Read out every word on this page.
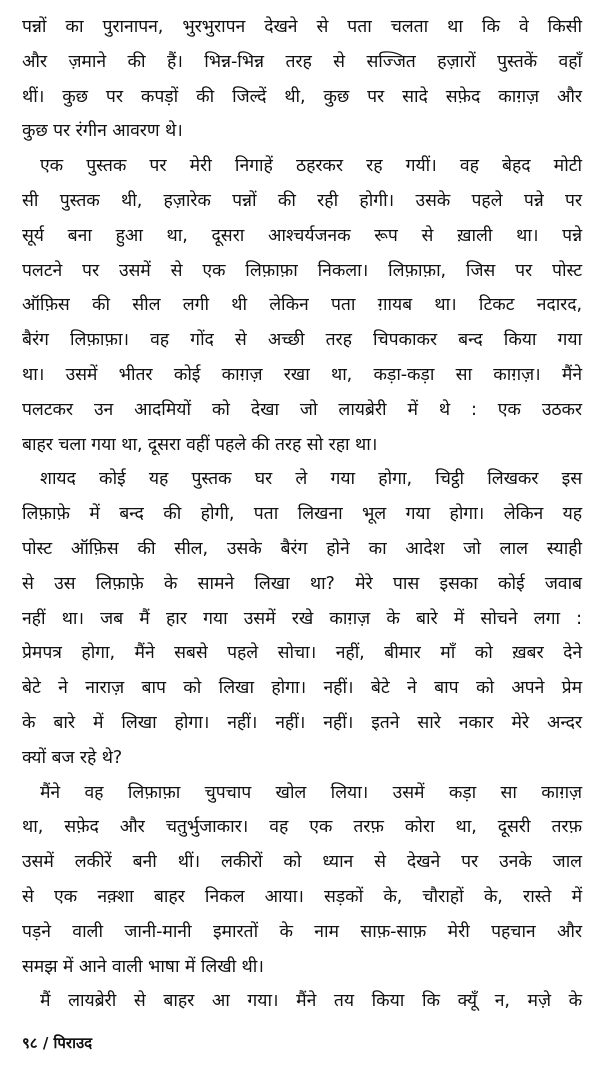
पन्नों का पुरानापन, भुरभुरापन देखने से पता चलता था कि वे किसी

और ज़माने की हैं। भिन्न-भिन्न तरह से सज्जित हज़ारों पुस्तकें वहाँ

थीं। कुछ पर कपड़ों की जिल्दें थी, कुछ पर सादे सफ़ेद काग़ज़ और

कुछ पर रंगीन आवरण थे।

एक पुस्तक पर मेरी निगाहें ठहरकर रह गयीं। वह बेहद मोटी

सी पुस्तक थी, हज़ारेक पन्नों की रही होगी। उसके पहले पन्ने पर

सूर्य बना हुआ था, दूसरा आश्चर्यजनक रूप से ख़ाली था। पन्ने

पलटने पर उसमें से एक लिफ़ाफ़ा निकला। लिफ़ाफ़ा, जिस पर पोस्ट

ऑफ़िस की सील लगी थी लेकिन पता ग़ायब था। टिकट नदारद,

बैरंग लिफ़ाफ़ा। वह गोंद से अच्छी तरह चिपकाकर बन्द किया गया

था। उसमें भीतर कोई काग़ज़ रखा था, कड़ा-कड़ा सा काग़ज़। मैंने

पलटकर उन आदमियों को देखा जो लायब्रेरी में थे : एक उठकर

बाहर चला गया था, दूसरा वहीं पहले की तरह सो रहा था।

शायद कोई यह पुस्तक घर ले गया होगा, चिट्ठी लिखकर इस

लिफ़ाफ़े में बन्द की होगी, पता लिखना भूल गया होगा। लेकिन यह

पोस्ट ऑफ़िस की सील, उसके बैरंग होने का आदेश जो लाल स्याही

से उस लिफ़ाफ़े के सामने लिखा था? मेरे पास इसका कोई जवाब

नहीं था। जब मैं हार गया उसमें रखे काग़ज़ के बारे में सोचने लगा :

प्रेमपत्र होगा, मैंने सबसे पहले सोचा। नहीं, बीमार माँ को ख़बर देने

बेटे ने नाराज़ बाप को लिखा होगा। नहीं। बेटे ने बाप को अपने प्रेम

के बारे में लिखा होगा। नहीं। नहीं। नहीं। इतने सारे नकार मेरे अन्दर

क्यों बज रहे थे?

मैंने वह लिफ़ाफ़ा चुपचाप खोल लिया। उसमें कड़ा सा काग़ज़

था, सफ़ेद और चतुर्भुजाकार। वह एक तरफ़ कोरा था, दूसरी तरफ़

उसमें लकीरें बनी थीं। लकीरों को ध्यान से देखने पर उनके जाल

से एक नक़्शा बाहर निकल आया। सड़कों के, चौराहों के, रास्ते में

पड़ने वाली जानी-मानी इमारतों के नाम साफ़-साफ़ मेरी पहचान और

समझ में आने वाली भाषा में लिखी थी।

मैं लायब्रेरी से बाहर आ गया। मैंने तय किया कि क्यूँ न, मज़े के

९८ / पिराउद
